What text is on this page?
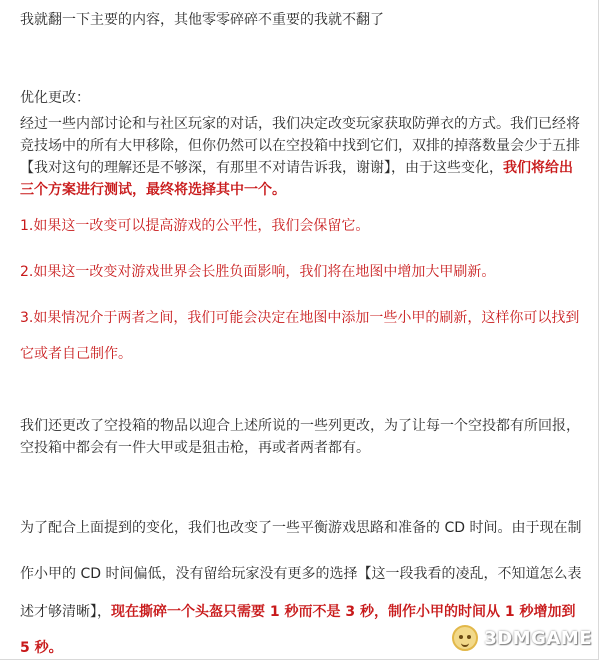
我就翻一下主要的内容，其他零零碎碎不重要的我就不翻了
优化更改：
经过一些内部讨论和与社区玩家的对话，我们决定改变玩家获取防弹衣的方式。我们已经将
竞技场中的所有大甲移除，但你仍然可以在空投箱中找到它们，双排的掉落数量会少于五排
【我对这句的理解还是不够深，有那里不对请告诉我，谢谢】，由于这些变化，我们将给出
三个方案进行测试，最终将选择其中一个。
1.如果这一改变可以提高游戏的公平性，我们会保留它。
2.如果这一改变对游戏世界会长胜负面影响，我们将在地图中增加大甲刷新。
3.如果情况介于两者之间，我们可能会决定在地图中添加一些小甲的刷新，这样你可以找到
它或者自己制作。
我们还更改了空投箱的物品以迎合上述所说的一些列更改，为了让每一个空投都有所回报，
空投箱中都会有一件大甲或是狙击枪，再或者两者都有。
为了配合上面提到的变化，我们也改变了一些平衡游戏思路和准备的 CD 时间。由于现在制
作小甲的 CD 时间偏低，没有留给玩家没有更多的选择【这一段我看的凌乱，不知道怎么表
述才够清晰】，现在撕碎一个头盔只需要 1 秒而不是 3 秒，制作小甲的时间从 1 秒增加到
5 秒。	3DMGAME
